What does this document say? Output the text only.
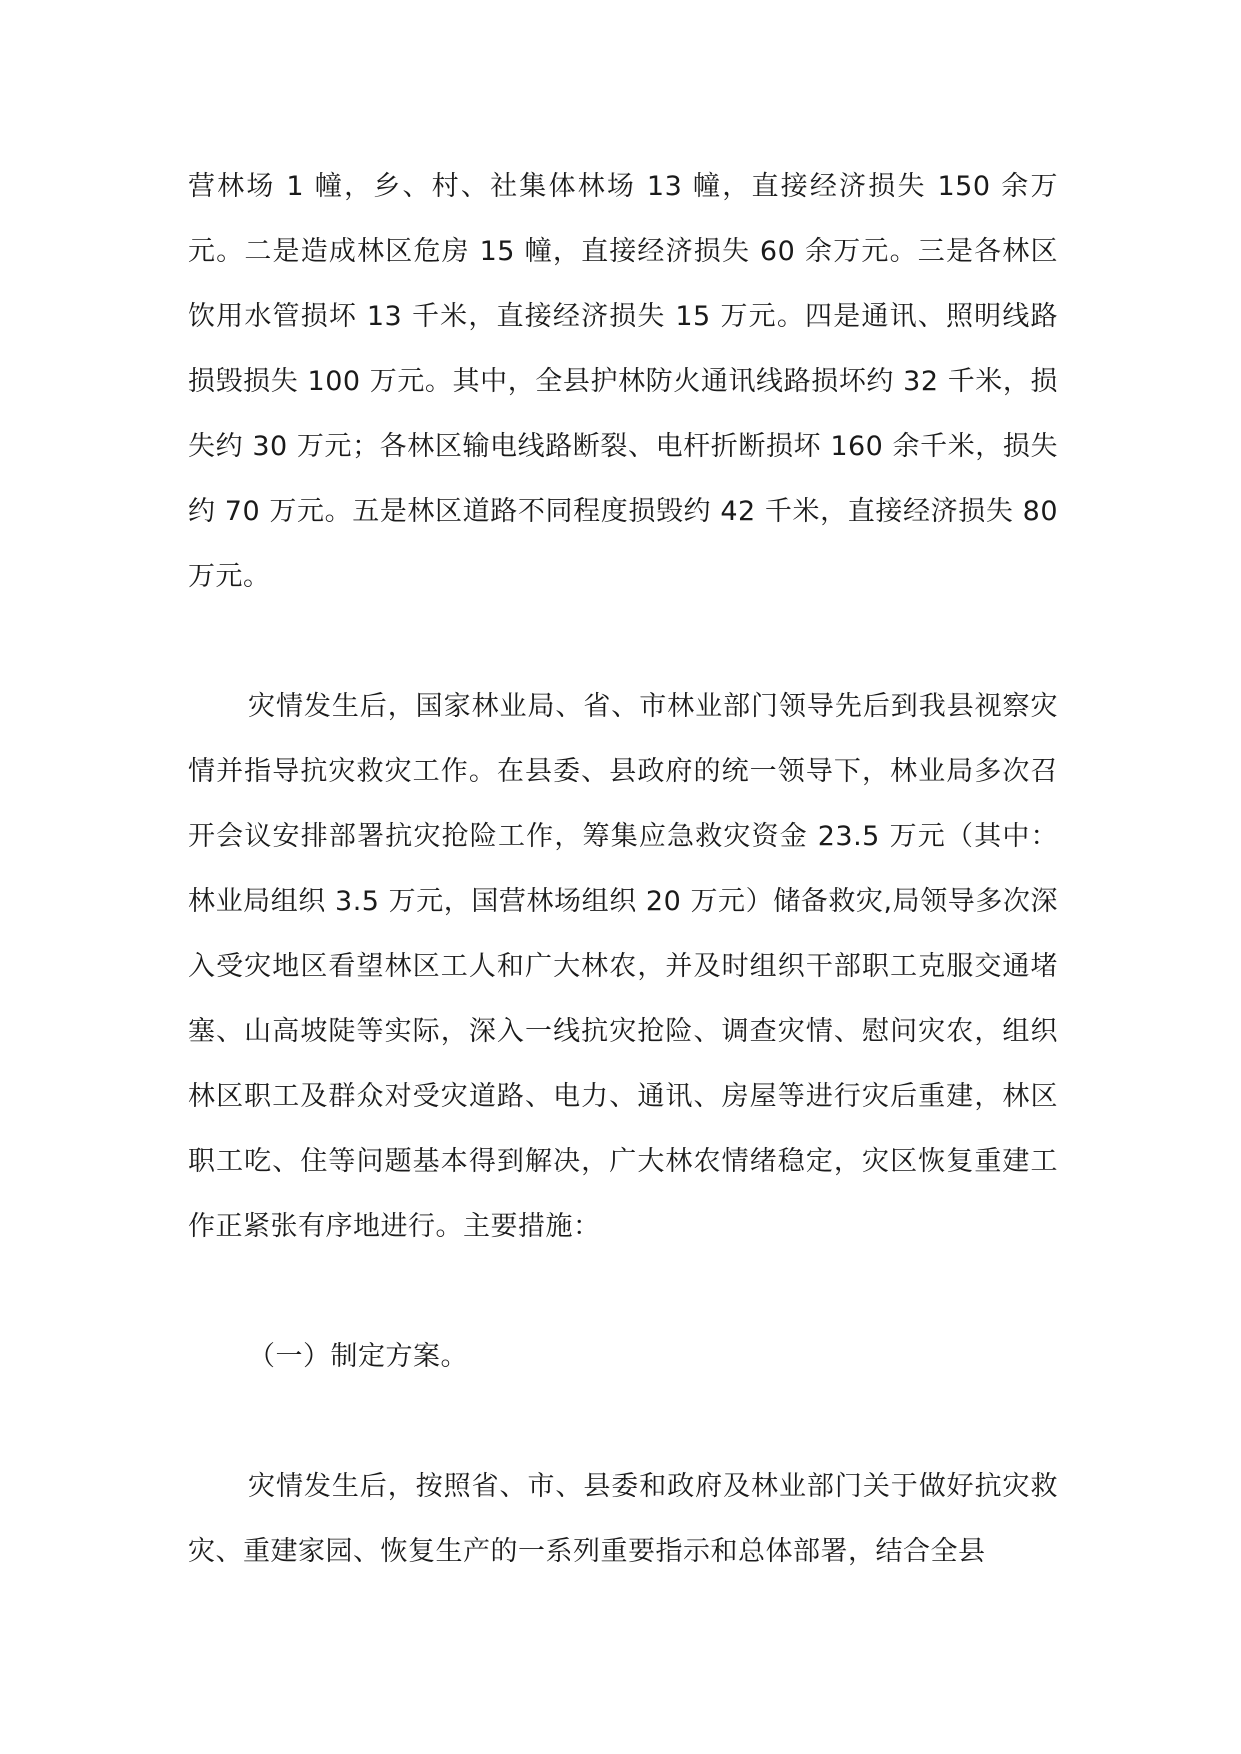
营林场 1 幢，乡、村、社集体林场 13 幢，直接经济损失 150 余万元。二是造成林区危房 15 幢，直接经济损失 60 余万元。三是各林区饮用水管损坏 13 千米，直接经济损失 15 万元。四是通讯、照明线路损毁损失 100 万元。其中，全县护林防火通讯线路损坏约 32 千米，损失约 30 万元；各林区输电线路断裂、电杆折断损坏 160 余千米，损失约 70 万元。五是林区道路不同程度损毁约 42 千米，直接经济损失 80 万元。

灾情发生后，国家林业局、省、市林业部门领导先后到我县视察灾情并指导抗灾救灾工作。在县委、县政府的统一领导下，林业局多次召开会议安排部署抗灾抢险工作，筹集应急救灾资金 23.5 万元（其中：林业局组织 3.5 万元，国营林场组织 20 万元）储备救灾,局领导多次深入受灾地区看望林区工人和广大林农，并及时组织干部职工克服交通堵塞、山高坡陡等实际，深入一线抗灾抢险、调查灾情、慰问灾农，组织林区职工及群众对受灾道路、电力、通讯、房屋等进行灾后重建，林区职工吃、住等问题基本得到解决，广大林农情绪稳定，灾区恢复重建工作正紧张有序地进行。主要措施：

（一）制定方案。

灾情发生后，按照省、市、县委和政府及林业部门关于做好抗灾救灾、重建家园、恢复生产的一系列重要指示和总体部署，结合全县
